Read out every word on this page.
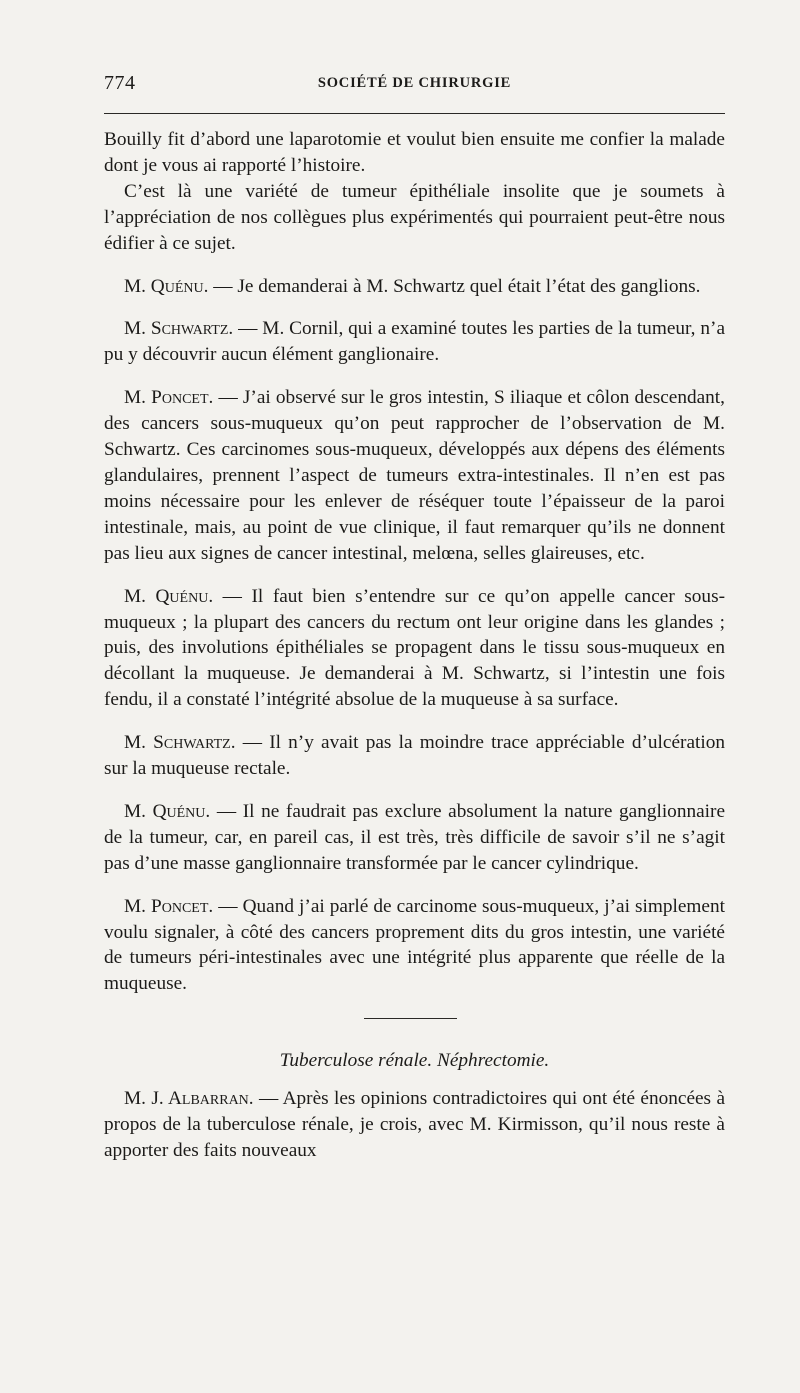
774	SOCIÉTÉ DE CHIRURGIE

Bouilly fit d’abord une laparotomie et voulut bien ensuite me confier la malade dont je vous ai rapporté l’histoire.

C’est là une variété de tumeur épithéliale insolite que je soumets à l’appréciation de nos collègues plus expérimentés qui pourraient peut-être nous édifier à ce sujet.

M. Quénu. — Je demanderai à M. Schwartz quel était l’état des ganglions.

M. Schwartz. — M. Cornil, qui a examiné toutes les parties de la tumeur, n’a pu y découvrir aucun élément ganglionaire.

M. Poncet. — J’ai observé sur le gros intestin, S iliaque et côlon descendant, des cancers sous-muqueux qu’on peut rapprocher de l’observation de M. Schwartz. Ces carcinomes sous-muqueux, développés aux dépens des éléments glandulaires, prennent l’aspect de tumeurs extra-intestinales. Il n’en est pas moins nécessaire pour les enlever de réséquer toute l’épaisseur de la paroi intestinale, mais, au point de vue clinique, il faut remarquer qu’ils ne donnent pas lieu aux signes de cancer intestinal, melœna, selles glaireuses, etc.

M. Quénu. — Il faut bien s’entendre sur ce qu’on appelle cancer sous-muqueux ; la plupart des cancers du rectum ont leur origine dans les glandes ; puis, des involutions épithéliales se propagent dans le tissu sous-muqueux en décollant la muqueuse. Je demanderai à M. Schwartz, si l’intestin une fois fendu, il a constaté l’intégrité absolue de la muqueuse à sa surface.

M. Schwartz. — Il n’y avait pas la moindre trace appréciable d’ulcération sur la muqueuse rectale.

M. Quénu. — Il ne faudrait pas exclure absolument la nature ganglionnaire de la tumeur, car, en pareil cas, il est très, très difficile de savoir s’il ne s’agit pas d’une masse ganglionnaire transformée par le cancer cylindrique.

M. Poncet. — Quand j’ai parlé de carcinome sous-muqueux, j’ai simplement voulu signaler, à côté des cancers proprement dits du gros intestin, une variété de tumeurs péri-intestinales avec une intégrité plus apparente que réelle de la muqueuse.

Tuberculose rénale. Néphrectomie.

M. J. Albarran. — Après les opinions contradictoires qui ont été énoncées à propos de la tuberculose rénale, je crois, avec M. Kirmisson, qu’il nous reste à apporter des faits nouveaux
